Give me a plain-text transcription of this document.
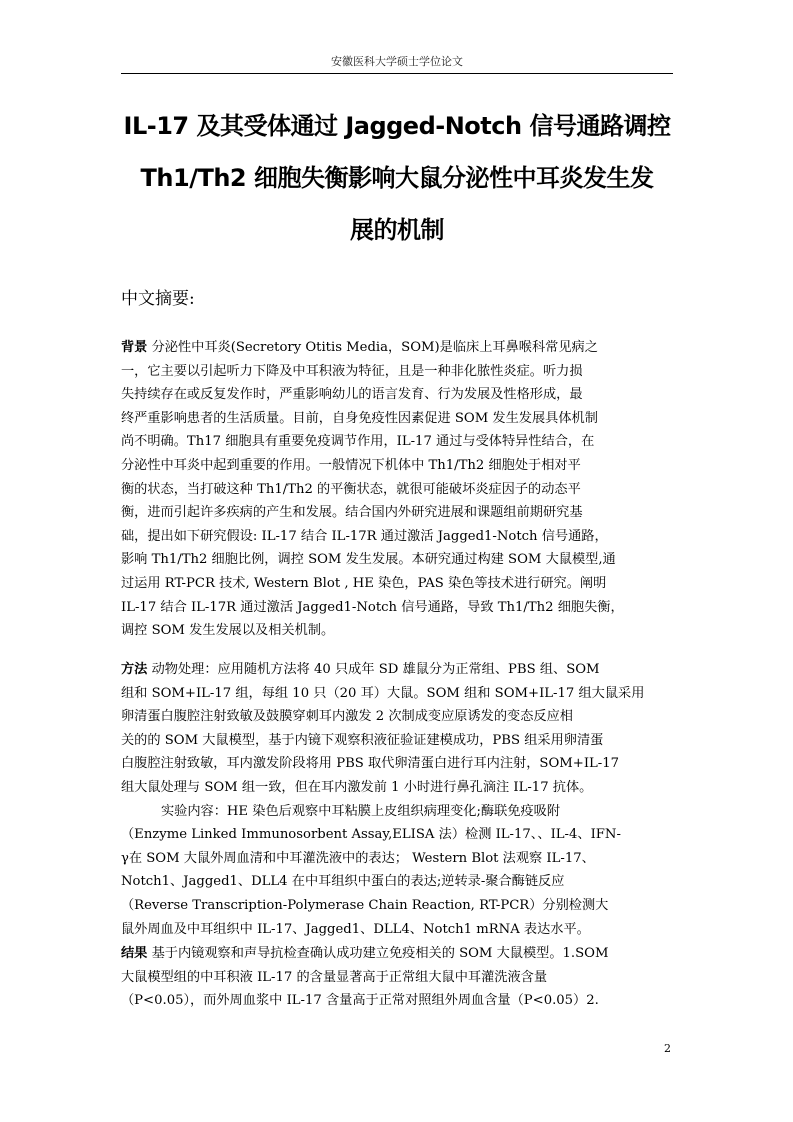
安徽医科大学硕士学位论文
IL-17 及其受体通过 Jagged-Notch 信号通路调控
Th1/Th2 细胞失衡影响大鼠分泌性中耳炎发生发
展的机制
中文摘要:
背景 分泌性中耳炎(Secretory Otitis Media，SOM)是临床上耳鼻喉科常见病之
一，它主要以引起听力下降及中耳积液为特征，且是一种非化脓性炎症。听力损
失持续存在或反复发作时，严重影响幼儿的语言发育、行为发展及性格形成，最
终严重影响患者的生活质量。目前，自身免疫性因素促进 SOM 发生发展具体机制
尚不明确。Th17 细胞具有重要免疫调节作用，IL-17 通过与受体特异性结合，在
分泌性中耳炎中起到重要的作用。一般情况下机体中 Th1/Th2 细胞处于相对平
衡的状态，当打破这种 Th1/Th2 的平衡状态，就很可能破坏炎症因子的动态平
衡，进而引起许多疾病的产生和发展。结合国内外研究进展和课题组前期研究基
础，提出如下研究假设: IL-17 结合 IL-17R 通过激活 Jagged1-Notch 信号通路，
影响 Th1/Th2 细胞比例，调控 SOM 发生发展。本研究通过构建 SOM 大鼠模型,通
过运用 RT-PCR 技术, Western Blot , HE 染色，PAS 染色等技术进行研究。阐明
IL-17 结合 IL-17R 通过激活 Jagged1-Notch 信号通路，导致 Th1/Th2 细胞失衡，
调控 SOM 发生发展以及相关机制。
方法 动物处理：应用随机方法将 40 只成年 SD 雄鼠分为正常组、PBS 组、SOM
组和 SOM+IL-17 组，每组 10 只（20 耳）大鼠。SOM 组和 SOM+IL-17 组大鼠采用
卵清蛋白腹腔注射致敏及鼓膜穿刺耳内激发 2 次制成变应原诱发的变态反应相
关的的 SOM 大鼠模型，基于内镜下观察积液征验证建模成功，PBS 组采用卵清蛋
白腹腔注射致敏，耳内激发阶段将用 PBS 取代卵清蛋白进行耳内注射，SOM+IL-17
组大鼠处理与 SOM 组一致，但在耳内激发前 1 小时进行鼻孔滴注 IL-17 抗体。
实验内容：HE 染色后观察中耳粘膜上皮组织病理变化;酶联免疫吸附
（Enzyme Linked Immunosorbent Assay,ELISA 法）检测 IL-17、、IL-4、IFN-
γ在 SOM 大鼠外周血清和中耳灌洗液中的表达； Western Blot 法观察 IL-17、
Notch1、Jagged1、DLL4 在中耳组织中蛋白的表达;逆转录-聚合酶链反应
（Reverse Transcription-Polymerase Chain Reaction, RT-PCR）分别检测大
鼠外周血及中耳组织中 IL-17、Jagged1、DLL4、Notch1 mRNA 表达水平。
结果 基于内镜观察和声导抗检查确认成功建立免疫相关的 SOM 大鼠模型。1.SOM
大鼠模型组的中耳积液 IL-17 的含量显著高于正常组大鼠中耳灌洗液含量
（P<0.05），而外周血浆中 IL-17 含量高于正常对照组外周血含量（P<0.05）2.
2
